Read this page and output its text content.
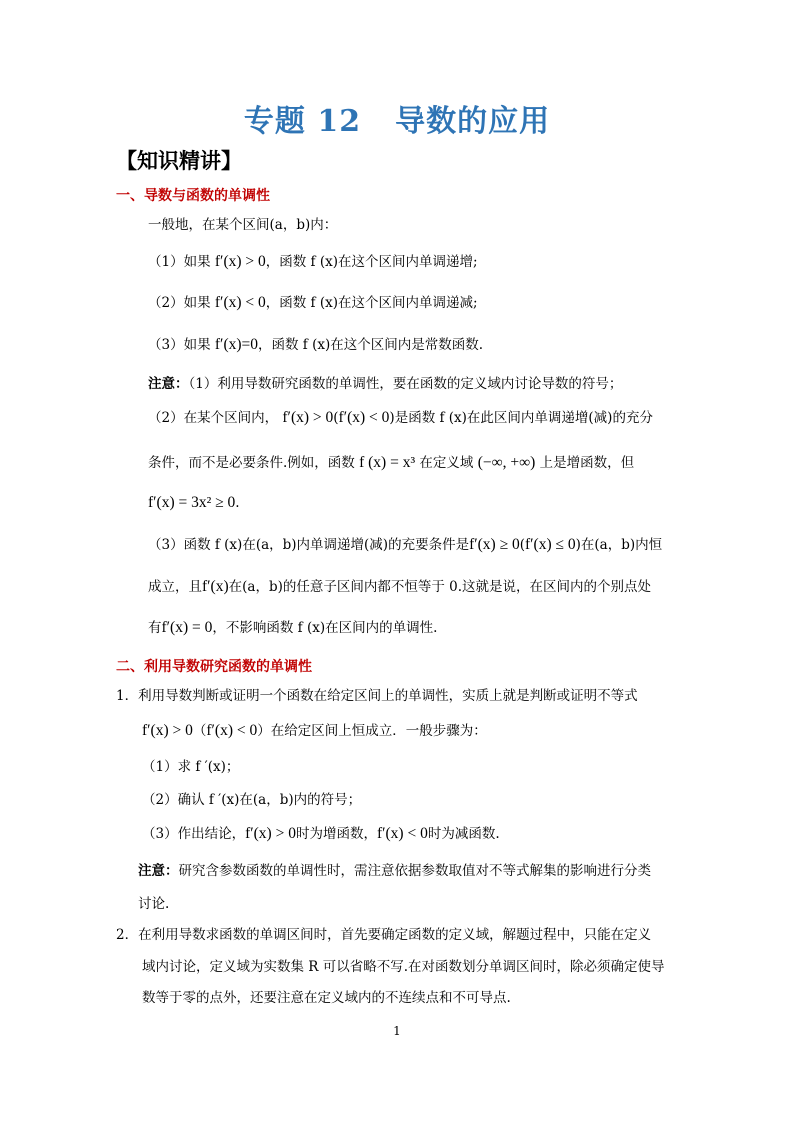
专题 12 导数的应用
【知识精讲】
一、导数与函数的单调性
一般地，在某个区间(a，b)内：
（1）如果 f′(x) > 0，函数 f (x)在这个区间内单调递增;
（2）如果 f′(x) < 0，函数 f (x)在这个区间内单调递减;
（3）如果 f′(x)=0，函数 f (x)在这个区间内是常数函数.
注意：（1）利用导数研究函数的单调性，要在函数的定义域内讨论导数的符号；
（2）在某个区间内， f′(x) > 0(f′(x) < 0)是函数 f (x)在此区间内单调递增(减)的充分
条件，而不是必要条件.例如，函数 f (x) = x³ 在定义域 (−∞, +∞) 上是增函数，但
f′(x) = 3x² ≥ 0.
（3）函数 f (x)在(a，b)内单调递增(减)的充要条件是f′(x) ≥ 0(f′(x) ≤ 0)在(a，b)内恒
成立，且f′(x)在(a，b)的任意子区间内都不恒等于 0.这就是说，在区间内的个别点处
有f′(x) = 0，不影响函数 f (x)在区间内的单调性.
二、利用导数研究函数的单调性
1．利用导数判断或证明一个函数在给定区间上的单调性，实质上就是判断或证明不等式
f′(x) > 0（f′(x) < 0）在给定区间上恒成立．一般步骤为：
（1）求 f ′(x)；
（2）确认 f ′(x)在(a，b)内的符号；
（3）作出结论，f′(x) > 0时为增函数，f′(x) < 0时为减函数.
注意：研究含参数函数的单调性时，需注意依据参数取值对不等式解集的影响进行分类
讨论.
2．在利用导数求函数的单调区间时，首先要确定函数的定义域，解题过程中，只能在定义
域内讨论，定义域为实数集 R 可以省略不写.在对函数划分单调区间时，除必须确定使导
数等于零的点外，还要注意在定义域内的不连续点和不可导点.
1
